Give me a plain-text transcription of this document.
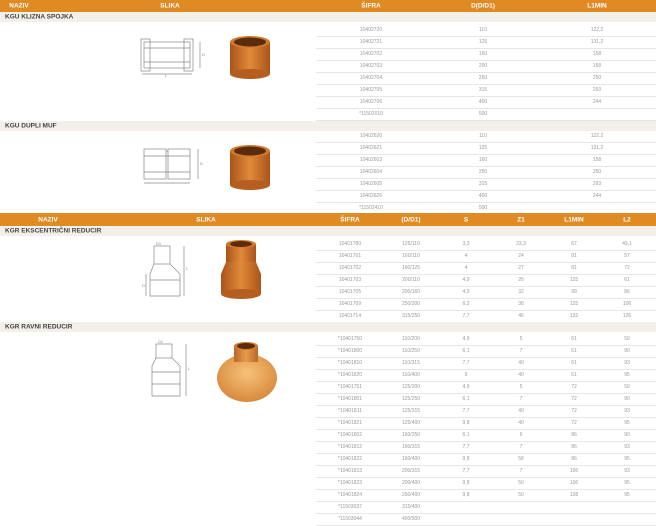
NAZIV	SLIKA	ŠIFRA	D(D/D1)	L1MIN
KGU KLIZNA SPOJKA
10402720	110	122,2
10402721	125	131,2
10402702	160	158
10402703	200	158
10402704	250	250
10402705	315	293
10402706	400	244
*11502010	500
D
L
KGU DUPLI MUF
10402620	110	122,2
10402621	125	131,2
10402603	160	158
10402604	250	250
10402605	315	293
10402626	400	244
*11502410	500
D
NAZIV	SLIKA	ŠIFRA	(D/D1)	S	Z1	L1MIN	L2
KGR EKSCENTRIČNI REDUCIR
10401780	125/110	3,3	23,3	67	49,1
10401701	160/110	4	24	81	57
10401702	160/125	4	27	81	72
10401703	200/110	4,9	26	125	61
10401705	200/160	4,9	32	99	86
10401709	250/200	6,2	38	125	106
10401714	315/250	7,7	46	132	126
D1
D
L
KGR RAVNI REDUCIR
*10401750	110/200	4,9	5	61	59
*10401800	110/250	6,1	7	61	90
*10401810	110/315	7,7	40	61	93
*10401820	110/400	9	40	61	95
*10401751	125/200	4,9	5	72	59
*10401801	125/250	6,1	7	72	90
*10401811	125/315	7,7	40	72	93
*10401821	125/400	9,8	40	72	95
*10401802	160/250	6,1	6	86	90
*10401812	160/315	7,7	7	86	93
*10401822	160/400	9,8	58	86	95
*10401813	200/315	7,7	7	106	93
*10401823	200/400	9,8	50	106	95
*10401824	250/400	9,8	50	138	95
*11503037	315/400
*11503044	400/500
D1
L
